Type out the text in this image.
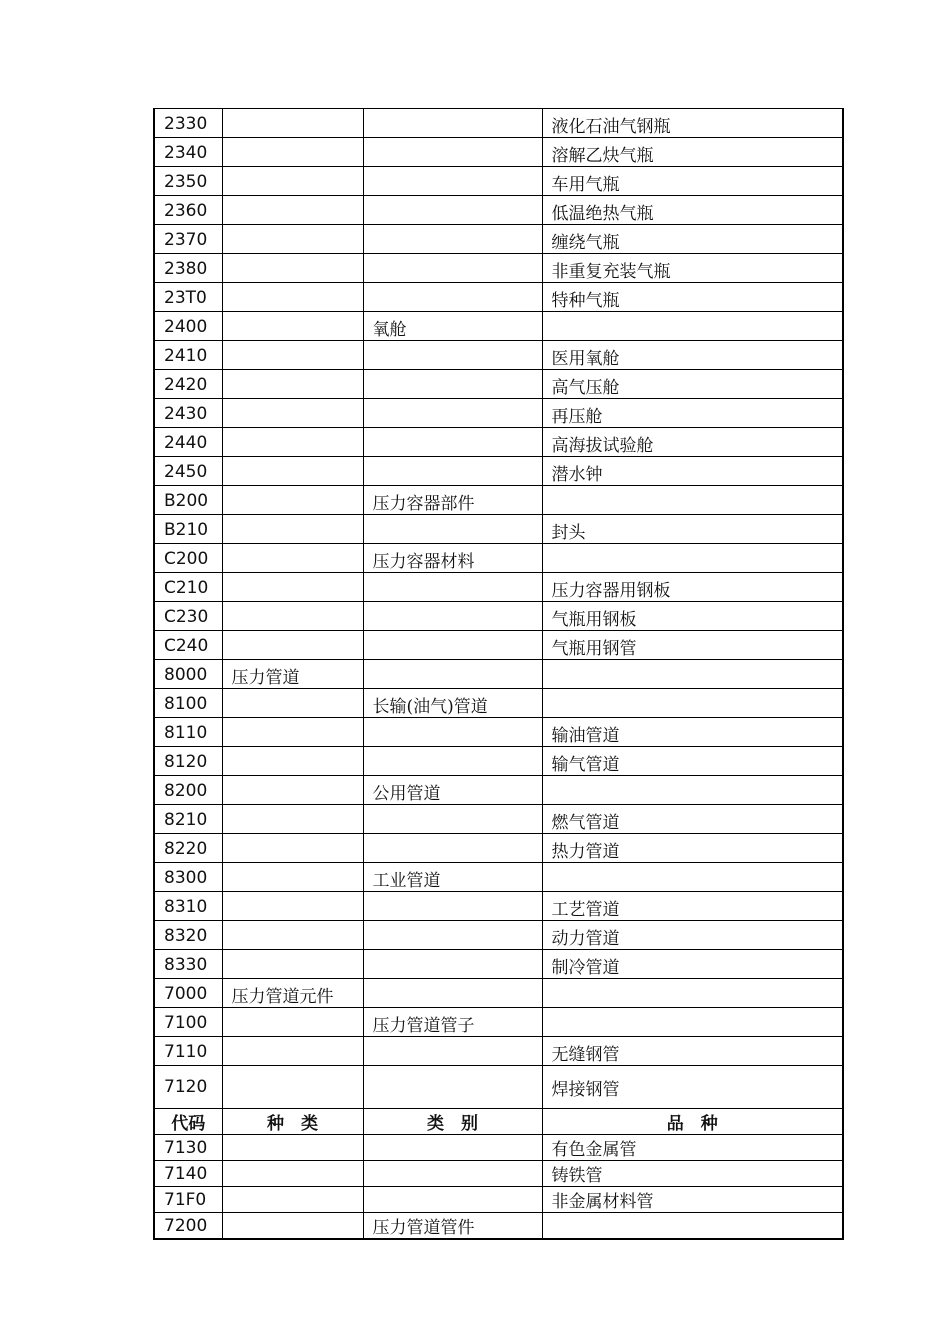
2330			液化石油气钢瓶
2340			溶解乙炔气瓶
2350			车用气瓶
2360			低温绝热气瓶
2370			缠绕气瓶
2380			非重复充装气瓶
23T0			特种气瓶
2400		氧舱	
2410			医用氧舱
2420			高气压舱
2430			再压舱
2440			高海拔试验舱
2450			潜水钟
B200		压力容器部件	
B210			封头
C200		压力容器材料	
C210			压力容器用钢板
C230			气瓶用钢板
C240			气瓶用钢管
8000	压力管道		
8100		长输(油气)管道	
8110			输油管道
8120			输气管道
8200		公用管道	
8210			燃气管道
8220			热力管道
8300		工业管道	
8310			工艺管道
8320			动力管道
8330			制冷管道
7000	压力管道元件		
7100		压力管道管子	
7110			无缝钢管
7120			焊接钢管
代码	种　类	类　别	品　种
7130			有色金属管
7140			铸铁管
71F0			非金属材料管
7200		压力管道管件	
